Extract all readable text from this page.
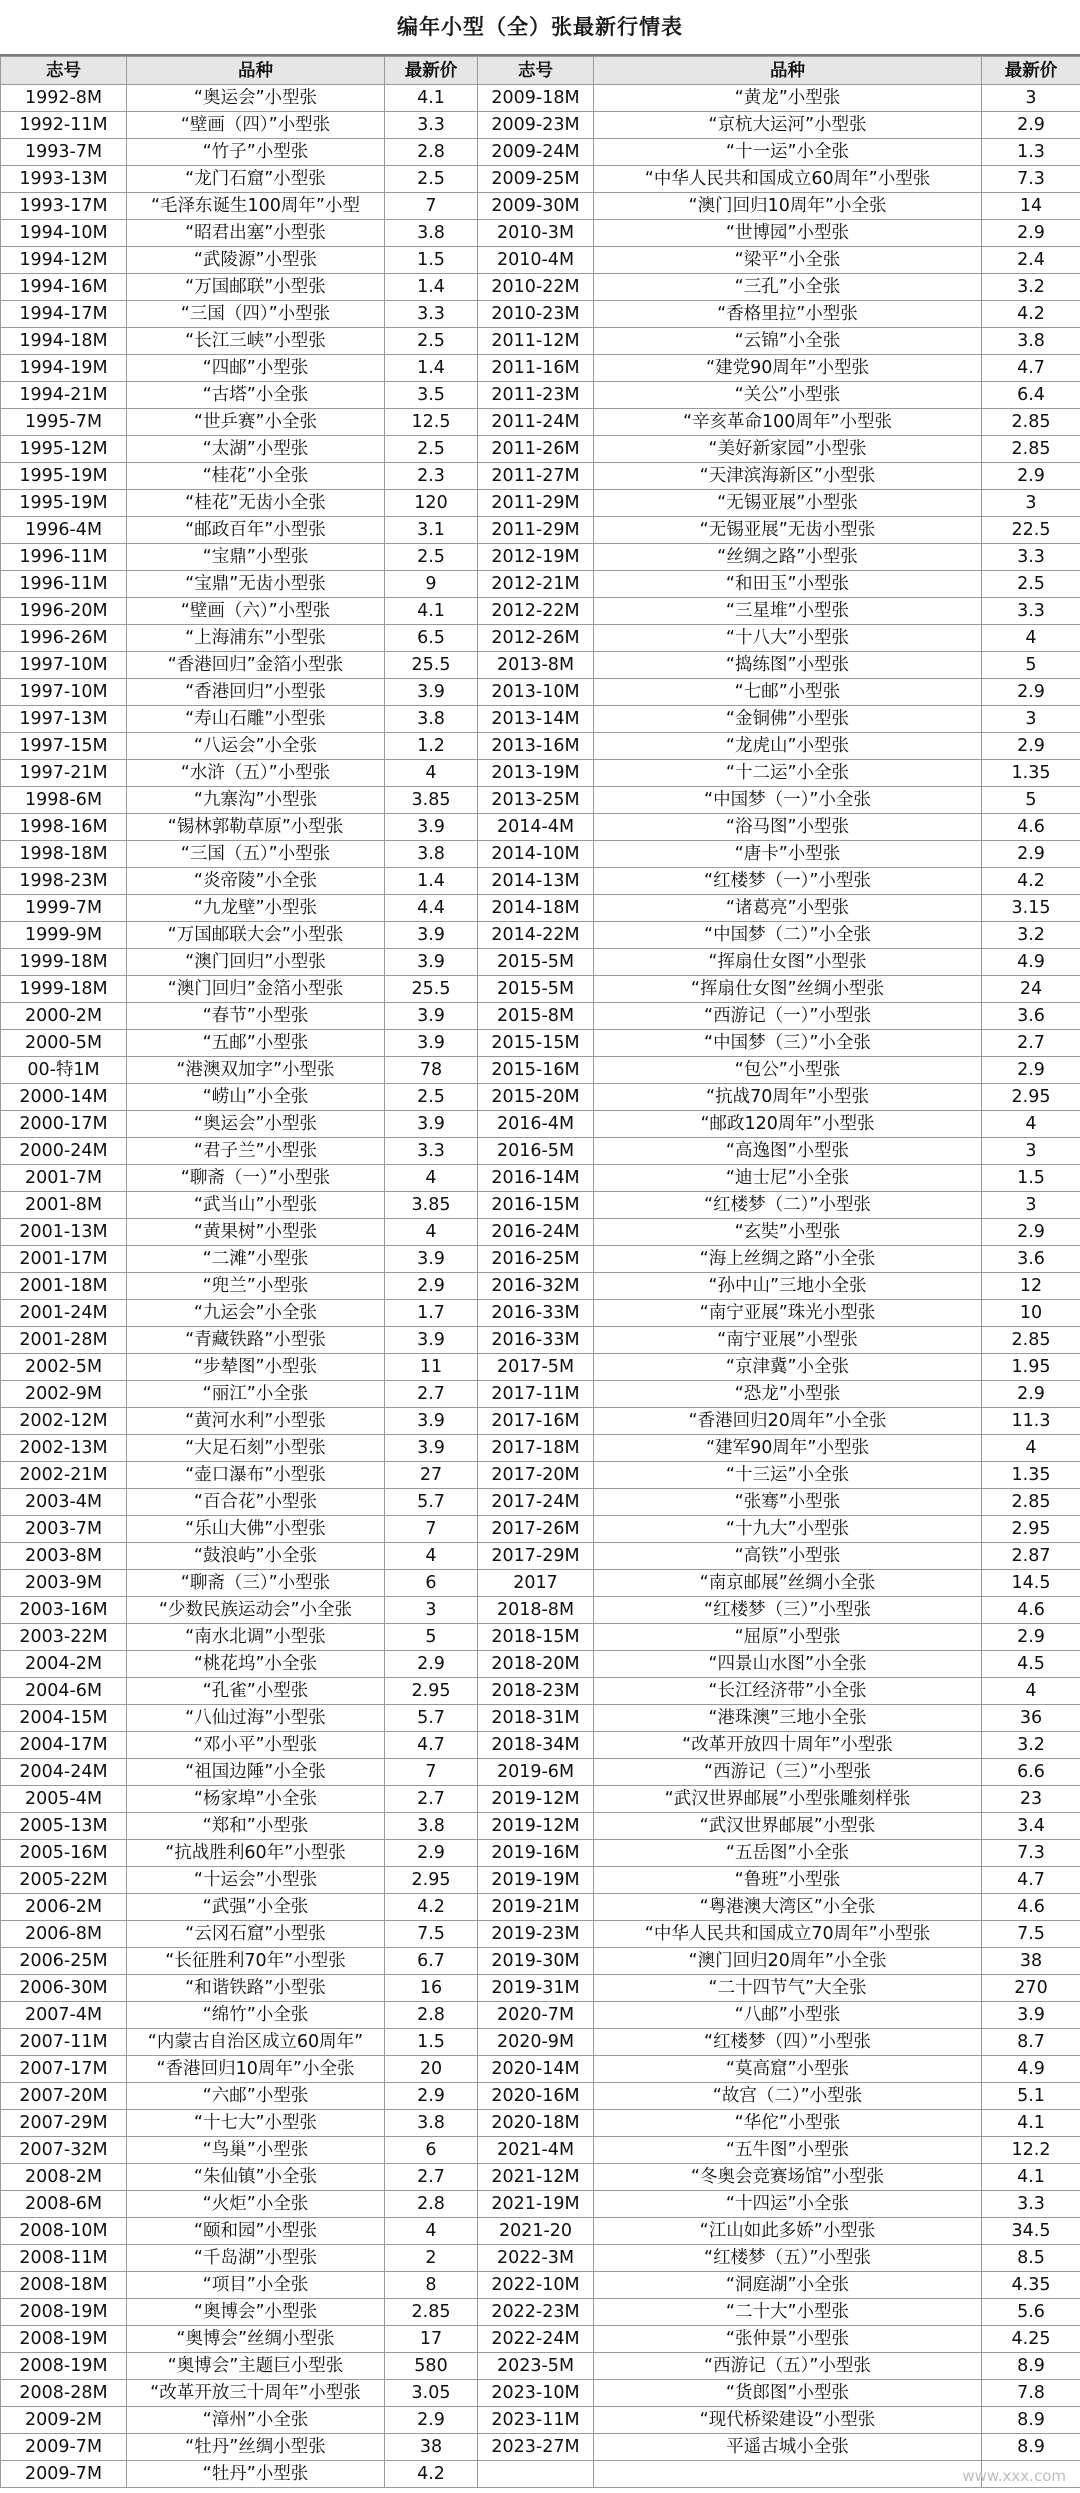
编年小型（全）张最新行情表
志号	品种	最新价	志号	品种	最新价
1992-8M	“奥运会”小型张	4.1	2009-18M	“黄龙”小型张	3
1992-11M	“壁画（四）”小型张	3.3	2009-23M	“京杭大运河”小型张	2.9
1993-7M	“竹子”小型张	2.8	2009-24M	“十一运”小全张	1.3
1993-13M	“龙门石窟”小型张	2.5	2009-25M	“中华人民共和国成立60周年”小型张	7.3
1993-17M	“毛泽东诞生100周年”小型	7	2009-30M	“澳门回归10周年”小全张	14
1994-10M	“昭君出塞”小型张	3.8	2010-3M	“世博园”小型张	2.9
1994-12M	“武陵源”小型张	1.5	2010-4M	“梁平”小全张	2.4
1994-16M	“万国邮联”小型张	1.4	2010-22M	“三孔”小全张	3.2
1994-17M	“三国（四）”小型张	3.3	2010-23M	“香格里拉”小型张	4.2
1994-18M	“长江三峡”小型张	2.5	2011-12M	“云锦”小全张	3.8
1994-19M	“四邮”小型张	1.4	2011-16M	“建党90周年”小型张	4.7
1994-21M	“古塔”小全张	3.5	2011-23M	“关公”小型张	6.4
1995-7M	“世乒赛”小全张	12.5	2011-24M	“辛亥革命100周年”小型张	2.85
1995-12M	“太湖”小型张	2.5	2011-26M	“美好新家园”小型张	2.85
1995-19M	“桂花”小全张	2.3	2011-27M	“天津滨海新区”小型张	2.9
1995-19M	“桂花”无齿小全张	120	2011-29M	“无锡亚展”小型张	3
1996-4M	“邮政百年”小型张	3.1	2011-29M	“无锡亚展”无齿小型张	22.5
1996-11M	“宝鼎”小型张	2.5	2012-19M	“丝绸之路”小型张	3.3
1996-11M	“宝鼎”无齿小型张	9	2012-21M	“和田玉”小型张	2.5
1996-20M	“壁画（六）”小型张	4.1	2012-22M	“三星堆”小型张	3.3
1996-26M	“上海浦东”小型张	6.5	2012-26M	“十八大”小型张	4
1997-10M	“香港回归”金箔小型张	25.5	2013-8M	“捣练图”小型张	5
1997-10M	“香港回归”小型张	3.9	2013-10M	“七邮”小型张	2.9
1997-13M	“寿山石雕”小型张	3.8	2013-14M	“金铜佛”小型张	3
1997-15M	“八运会”小全张	1.2	2013-16M	“龙虎山”小型张	2.9
1997-21M	“水浒（五）”小型张	4	2013-19M	“十二运”小全张	1.35
1998-6M	“九寨沟”小型张	3.85	2013-25M	“中国梦（一）”小全张	5
1998-16M	“锡林郭勒草原”小型张	3.9	2014-4M	“浴马图”小型张	4.6
1998-18M	“三国（五）”小型张	3.8	2014-10M	“唐卡”小型张	2.9
1998-23M	“炎帝陵”小全张	1.4	2014-13M	“红楼梦（一）”小型张	4.2
1999-7M	“九龙壁”小型张	4.4	2014-18M	“诸葛亮”小型张	3.15
1999-9M	“万国邮联大会”小型张	3.9	2014-22M	“中国梦（二）”小全张	3.2
1999-18M	“澳门回归”小型张	3.9	2015-5M	“挥扇仕女图”小型张	4.9
1999-18M	“澳门回归”金箔小型张	25.5	2015-5M	“挥扇仕女图”丝绸小型张	24
2000-2M	“春节”小型张	3.9	2015-8M	“西游记（一）”小型张	3.6
2000-5M	“五邮”小型张	3.9	2015-15M	“中国梦（三）”小全张	2.7
00-特1M	“港澳双加字”小型张	78	2015-16M	“包公”小型张	2.9
2000-14M	“崂山”小全张	2.5	2015-20M	“抗战70周年”小型张	2.95
2000-17M	“奥运会”小型张	3.9	2016-4M	“邮政120周年”小型张	4
2000-24M	“君子兰”小型张	3.3	2016-5M	“高逸图”小型张	3
2001-7M	“聊斋（一）”小型张	4	2016-14M	“迪士尼”小全张	1.5
2001-8M	“武当山”小型张	3.85	2016-15M	“红楼梦（二）”小型张	3
2001-13M	“黄果树”小型张	4	2016-24M	“玄奘”小型张	2.9
2001-17M	“二滩”小型张	3.9	2016-25M	“海上丝绸之路”小全张	3.6
2001-18M	“兜兰”小型张	2.9	2016-32M	“孙中山”三地小全张	12
2001-24M	“九运会”小全张	1.7	2016-33M	“南宁亚展”珠光小型张	10
2001-28M	“青藏铁路”小型张	3.9	2016-33M	“南宁亚展”小型张	2.85
2002-5M	“步辇图”小型张	11	2017-5M	“京津冀”小全张	1.95
2002-9M	“丽江”小全张	2.7	2017-11M	“恐龙”小型张	2.9
2002-12M	“黄河水利”小型张	3.9	2017-16M	“香港回归20周年”小全张	11.3
2002-13M	“大足石刻”小型张	3.9	2017-18M	“建军90周年”小型张	4
2002-21M	“壶口瀑布”小型张	27	2017-20M	“十三运”小全张	1.35
2003-4M	“百合花”小型张	5.7	2017-24M	“张骞”小型张	2.85
2003-7M	“乐山大佛”小型张	7	2017-26M	“十九大”小型张	2.95
2003-8M	“鼓浪屿”小全张	4	2017-29M	“高铁”小型张	2.87
2003-9M	“聊斋（三）”小型张	6	2017	“南京邮展”丝绸小全张	14.5
2003-16M	“少数民族运动会”小全张	3	2018-8M	“红楼梦（三）”小型张	4.6
2003-22M	“南水北调”小型张	5	2018-15M	“屈原”小型张	2.9
2004-2M	“桃花坞”小全张	2.9	2018-20M	“四景山水图”小全张	4.5
2004-6M	“孔雀”小型张	2.95	2018-23M	“长江经济带”小全张	4
2004-15M	“八仙过海”小型张	5.7	2018-31M	“港珠澳”三地小全张	36
2004-17M	“邓小平”小型张	4.7	2018-34M	“改革开放四十周年”小型张	3.2
2004-24M	“祖国边陲”小全张	7	2019-6M	“西游记（三）”小型张	6.6
2005-4M	“杨家埠”小全张	2.7	2019-12M	“武汉世界邮展”小型张雕刻样张	23
2005-13M	“郑和”小型张	3.8	2019-12M	“武汉世界邮展”小型张	3.4
2005-16M	“抗战胜利60年”小型张	2.9	2019-16M	“五岳图”小全张	7.3
2005-22M	“十运会”小型张	2.95	2019-19M	“鲁班”小型张	4.7
2006-2M	“武强”小全张	4.2	2019-21M	“粤港澳大湾区”小全张	4.6
2006-8M	“云冈石窟”小型张	7.5	2019-23M	“中华人民共和国成立70周年”小型张	7.5
2006-25M	“长征胜利70年”小型张	6.7	2019-30M	“澳门回归20周年”小全张	38
2006-30M	“和谐铁路”小型张	16	2019-31M	“二十四节气”大全张	270
2007-4M	“绵竹”小全张	2.8	2020-7M	“八邮”小型张	3.9
2007-11M	“内蒙古自治区成立60周年”	1.5	2020-9M	“红楼梦（四）”小型张	8.7
2007-17M	“香港回归10周年”小全张	20	2020-14M	“莫高窟”小型张	4.9
2007-20M	“六邮”小型张	2.9	2020-16M	“故宫（二）”小型张	5.1
2007-29M	“十七大”小型张	3.8	2020-18M	“华佗”小型张	4.1
2007-32M	“鸟巢”小型张	6	2021-4M	“五牛图”小型张	12.2
2008-2M	“朱仙镇”小全张	2.7	2021-12M	“冬奥会竞赛场馆”小型张	4.1
2008-6M	“火炬”小全张	2.8	2021-19M	“十四运”小全张	3.3
2008-10M	“颐和园”小型张	4	2021-20	“江山如此多娇”小型张	34.5
2008-11M	“千岛湖”小型张	2	2022-3M	“红楼梦（五）”小型张	8.5
2008-18M	“项目”小全张	8	2022-10M	“洞庭湖”小全张	4.35
2008-19M	“奥博会”小型张	2.85	2022-23M	“二十大”小型张	5.6
2008-19M	“奥博会”丝绸小型张	17	2022-24M	“张仲景”小型张	4.25
2008-19M	“奥博会”主题巨小型张	580	2023-5M	“西游记（五）”小型张	8.9
2008-28M	“改革开放三十周年”小型张	3.05	2023-10M	“货郎图”小型张	7.8
2009-2M	“漳州”小全张	2.9	2023-11M	“现代桥梁建设”小型张	8.9
2009-7M	“牡丹”丝绸小型张	38	2023-27M	平遥古城小全张	8.9
2009-7M	“牡丹”小型张	4.2				www.xxx.com
